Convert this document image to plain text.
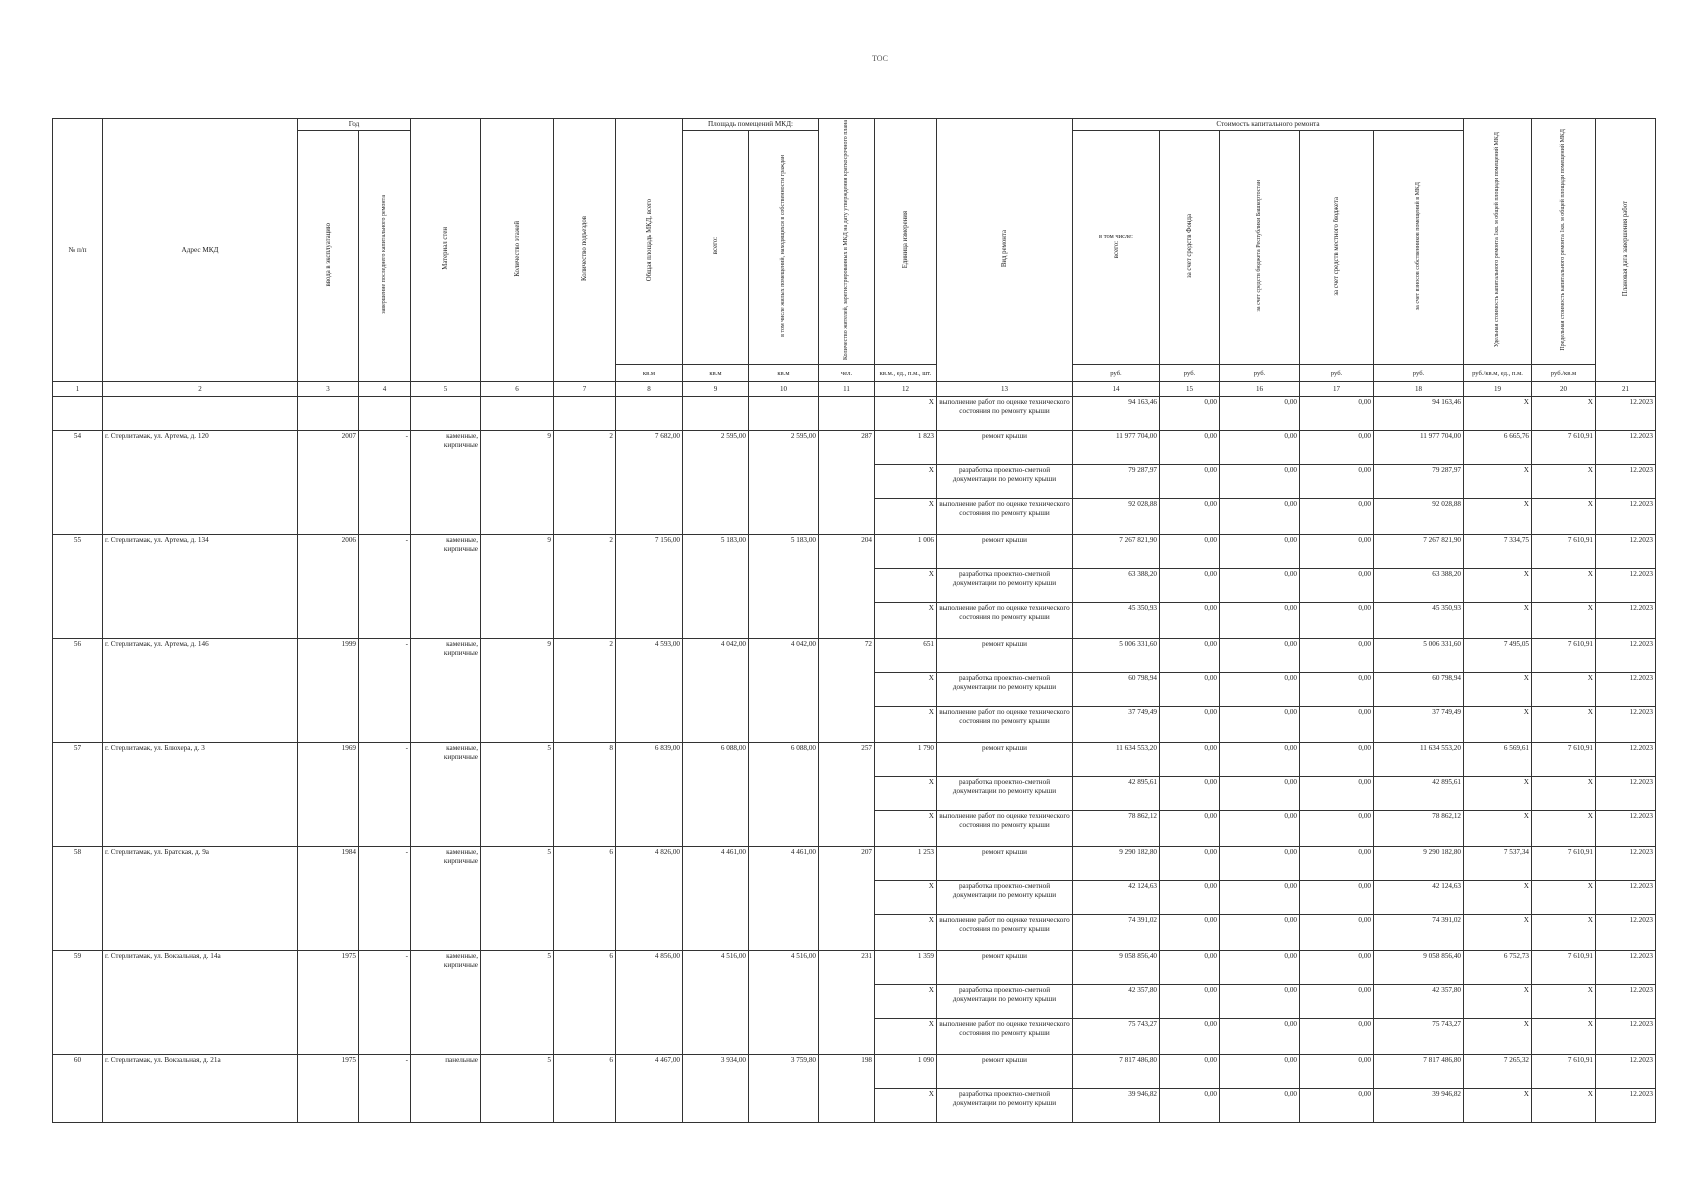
ТОС
№ п/п	Адрес МКД	Год		Материал стен	Количество этажей	Количество подъездов	Общая площадь МКД, всего	Площадь помещений МКД:		Количество жителей, зарегистрированных в МКД на дату утверждения краткосрочного плана	Единица измерения	Вид ремонта	Стоимость капитального ремонта					Удельная стоимость капитального ремонта 1кв. м общей площади помещений МКД	Предельная стоимость капитального ремонта 1кв. м общей площади помещений МКД	Плановая дата завершения работ
		ввода в эксплуатацию	завершение последнего капитального ремонта					всего:	в том числе жилых помещений, находящихся в собственности граждан				в том числе:
всего:	за счет средств Фонда	за счет средств бюджета Республики Башкортостан	за счет средств местного бюджета	за счет взносов собственников помещений в МКД			
							кв.м	кв.м	кв.м	чел.	кв.м., ед., п.м., шт.		руб.	руб.	руб.	руб.	руб.	руб./кв.м, ед., п.м.	руб./кв.м	
1	2	3	4	5	6	7	8	9	10	11	12	13	14	15	16	17	18	19	20	21
											X	выполнение работ по оценке технического состояния по ремонту крыши	94 163,46	0,00	0,00	0,00	94 163,46	X	X	12.2023
54	г. Стерлитамак, ул. Артема, д. 120	2007	-	каменные, кирпичные	9	2	7 682,00	2 595,00	2 595,00	287	1 823	ремонт крыши	11 977 704,00	0,00	0,00	0,00	11 977 704,00	6 665,76	7 610,91	12.2023
											X	разработка проектно-сметной документации по ремонту крыши	79 287,97	0,00	0,00	0,00	79 287,97	X	X	12.2023
											X	выполнение работ по оценке технического состояния по ремонту крыши	92 028,88	0,00	0,00	0,00	92 028,88	X	X	12.2023
55	г. Стерлитамак, ул. Артема, д. 134	2006	-	каменные, кирпичные	9	2	7 156,00	5 183,00	5 183,00	204	1 006	ремонт крыши	7 267 821,90	0,00	0,00	0,00	7 267 821,90	7 334,75	7 610,91	12.2023
											X	разработка проектно-сметной документации по ремонту крыши	63 388,20	0,00	0,00	0,00	63 388,20	X	X	12.2023
											X	выполнение работ по оценке технического состояния по ремонту крыши	45 350,93	0,00	0,00	0,00	45 350,93	X	X	12.2023
56	г. Стерлитамак, ул. Артема, д. 146	1999	-	каменные, кирпичные	9	2	4 593,00	4 042,00	4 042,00	72	651	ремонт крыши	5 006 331,60	0,00	0,00	0,00	5 006 331,60	7 495,05	7 610,91	12.2023
											X	разработка проектно-сметной документации по ремонту крыши	60 798,94	0,00	0,00	0,00	60 798,94	X	X	12.2023
											X	выполнение работ по оценке технического состояния по ремонту крыши	37 749,49	0,00	0,00	0,00	37 749,49	X	X	12.2023
57	г. Стерлитамак, ул. Блюхера, д. 3	1969	-	каменные, кирпичные	5	8	6 839,00	6 088,00	6 088,00	257	1 790	ремонт крыши	11 634 553,20	0,00	0,00	0,00	11 634 553,20	6 569,61	7 610,91	12.2023
											X	разработка проектно-сметной документации по ремонту крыши	42 895,61	0,00	0,00	0,00	42 895,61	X	X	12.2023
											X	выполнение работ по оценке технического состояния по ремонту крыши	78 862,12	0,00	0,00	0,00	78 862,12	X	X	12.2023
58	г. Стерлитамак, ул. Братская, д. 9а	1984	-	каменные, кирпичные	5	6	4 826,00	4 461,00	4 461,00	207	1 253	ремонт крыши	9 290 182,80	0,00	0,00	0,00	9 290 182,80	7 537,34	7 610,91	12.2023
											X	разработка проектно-сметной документации по ремонту крыши	42 124,63	0,00	0,00	0,00	42 124,63	X	X	12.2023
											X	выполнение работ по оценке технического состояния по ремонту крыши	74 391,02	0,00	0,00	0,00	74 391,02	X	X	12.2023
59	г. Стерлитамак, ул. Вокзальная, д. 14а	1975	-	каменные, кирпичные	5	6	4 856,00	4 516,00	4 516,00	231	1 359	ремонт крыши	9 058 856,40	0,00	0,00	0,00	9 058 856,40	6 752,73	7 610,91	12.2023
											X	разработка проектно-сметной документации по ремонту крыши	42 357,80	0,00	0,00	0,00	42 357,80	X	X	12.2023
											X	выполнение работ по оценке технического состояния по ремонту крыши	75 743,27	0,00	0,00	0,00	75 743,27	X	X	12.2023
60	г. Стерлитамак, ул. Вокзальная, д. 21а	1975	-	панельные	5	6	4 467,00	3 934,00	3 759,80	198	1 090	ремонт крыши	7 817 486,80	0,00	0,00	0,00	7 817 486,80	7 265,32	7 610,91	12.2023
											X	разработка проектно-сметной документации по ремонту крыши	39 946,82	0,00	0,00	0,00	39 946,82	X	X	12.2023
